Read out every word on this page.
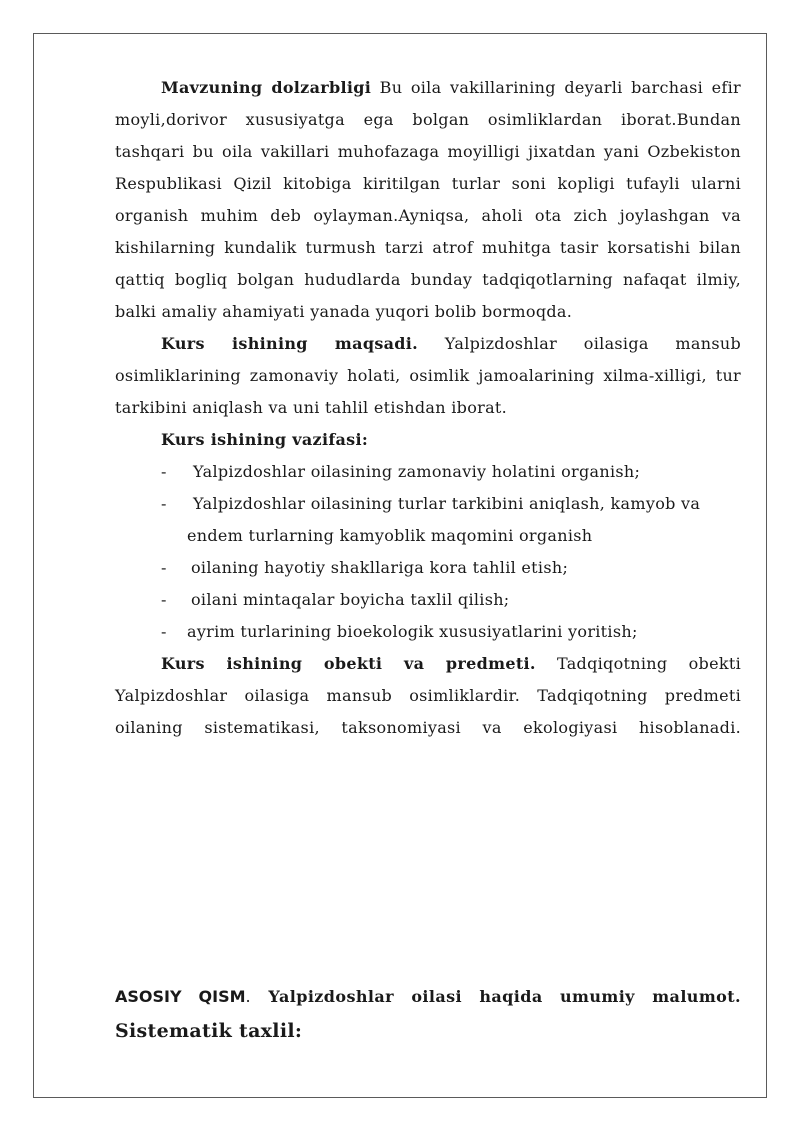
Mavzuning dolzarbligi Bu oila vakillarining deyarli barchasi efir moyli,dorivor xususiyatga ega bolgan osimliklardan iborat.Bundan tashqari bu oila vakillari muhofazaga moyilligi jixatdan yani Ozbekiston Respublikasi Qizil kitobiga kiritilgan turlar soni kopligi tufayli ularni organish muhim deb oylayman.Ayniqsa, aholi ota zich joylashgan va kishilarning kundalik turmush tarzi atrof muhitga tasir korsatishi bilan qattiq bogliq bolgan hududlarda bunday tadqiqotlarning nafaqat ilmiy, balki amaliy ahamiyati yanada yuqori bolib bormoqda.

Kurs ishining maqsadi. Yalpizdoshlar oilasiga mansub osimliklarining zamonaviy holati, osimlik jamoalarining xilma-xilligi, tur tarkibini aniqlash va uni tahlil etishdan iborat.

Kurs ishining vazifasi:

-	Yalpizdoshlar oilasining zamonaviy holatini organish;
-	Yalpizdoshlar oilasining turlar tarkibini aniqlash, kamyob va
endem turlarning kamyoblik maqomini organish
-	oilaning hayotiy shakllariga kora tahlil etish;
-	oilani mintaqalar boyicha taxlil qilish;
-	ayrim turlarining bioekologik xususiyatlarini yoritish;

Kurs ishining obekti va predmeti. Tadqiqotning obekti Yalpizdoshlar oilasiga mansub osimliklardir. Tadqiqotning predmeti oilaning sistematikasi, taksonomiyasi va ekologiyasi hisoblanadi.

ASOSIY QISM. Yalpizdoshlar oilasi haqida umumiy malumot.
Sistematik taxlil:
